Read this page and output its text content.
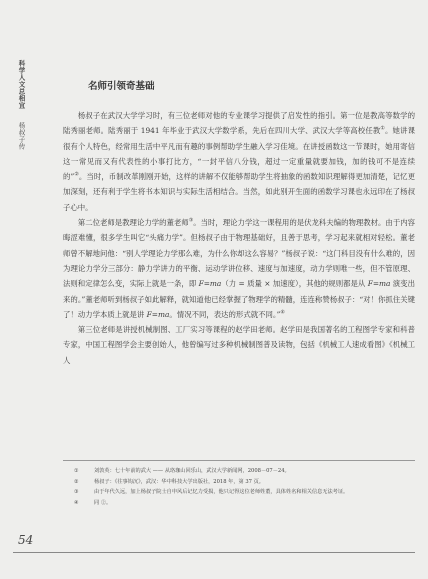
科学人文总相宜 杨叔子传
名师引领奇基础

杨叔子在武汉大学学习时，有三位老师对他的专业课学习提供了启发性的指引。第一位是教高等数学的陆秀丽老师。陆秀丽于 1941 年毕业于武汉大学数学系，先后在四川大学、武汉大学等高校任教①。她讲课很有个人特色，经常用生活中平凡而有趣的事例帮助学生融入学习佳境。在讲授函数这一节课时，她用寄信这一常见而又有代表性的小事打比方，“一封平信八分钱，超过一定重量就要加钱，加的钱可不是连续的”②。当时，币制改革刚刚开始，这样的讲解不仅能够帮助学生将抽象的函数知识理解得更加清楚，记忆更加深刻，还有利于学生将书本知识与实际生活相结合。当然，如此别开生面的函数学习课也永远印在了杨叔子心中。

第二位老师是教理论力学的董老师③。当时，理论力学这一课程用的是伏龙科夫编的物理教材。由于内容晦涩难懂，很多学生叫它“头痛力学”。但杨叔子由于物理基础好，且善于思考，学习起来就相对轻松。董老师曾不解地问他：“别人学理论力学那么难，为什么你却这么容易？”杨叔子说：“这门科目没有什么难的，因为理论力学分三部分：静力学讲力的平衡、运动学讲位移、速度与加速度，动力学则唯一些，但不管原理、法则和定律怎么变，实际上就是一条，即 F=ma（力 = 质量 × 加速度），其他的规则都是从 F=ma 演变出来的。”董老师听到杨叔子如此解释，就知道他已经掌握了物理学的精髓，连连称赞杨叔子：“对！你抓住关键了！动力学本质上就是讲 F=ma。情况不同，表达的形式就不同。”④

第三位老师是讲授机械制图、工厂实习等课程的赵学田老师。赵学田是我国著名的工程图学专家和科普专家，中国工程图学会主要创始人，他曾编写过多种机械制图普及读物，包括《机械工人速成看图》《机械工人

①	刘敦英：七十年前的武大 —— 从珞珈山回乐山，武汉大学新闻网，2008－07－24。
②	杨叔子：《往事钩沉》，武汉：华中科技大学出版社，2018 年，第 37 页。
③	由于年代久远，加上杨叔子院士自申风后记忆力受损，他只记得这位老师姓董，具体姓名和相关信息无法考证。
④	同 ②。
54
